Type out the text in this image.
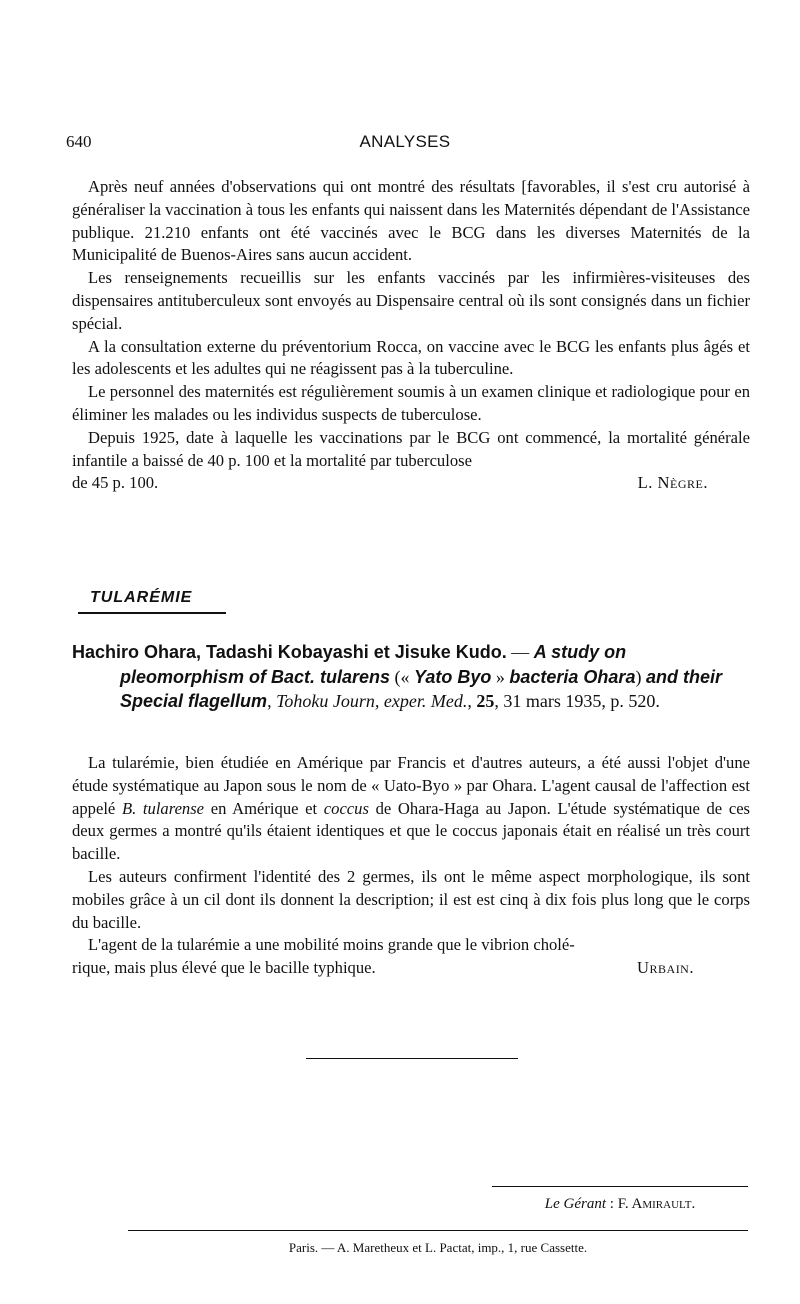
640	ANALYSES

Après neuf années d'observations qui ont montré des résultats [favorables, il s'est cru autorisé à généraliser la vaccination à tous les enfants qui naissent dans les Maternités dépendant de l'Assistance publique. 21.210 enfants ont été vaccinés avec le BCG dans les diverses Maternités de la Municipalité de Buenos-Aires sans aucun accident.

Les renseignements recueillis sur les enfants vaccinés par les infirmières-visiteuses des dispensaires antituberculeux sont envoyés au Dispensaire central où ils sont consignés dans un fichier spécial.

A la consultation externe du préventorium Rocca, on vaccine avec le BCG les enfants plus âgés et les adolescents et les adultes qui ne réagissent pas à la tuberculine.

Le personnel des maternités est régulièrement soumis à un examen clinique et radiologique pour en éliminer les malades ou les individus suspects de tuberculose.

Depuis 1925, date à laquelle les vaccinations par le BCG ont commencé, la mortalité générale infantile a baissé de 40 p. 100 et la mortalité par tuberculose

de 45 p. 100.	L. Nègre.
TULARÉMIE

Hachiro Ohara, Tadashi Kobayashi et Jisuke Kudo. — A study on pleomorphism of Bact. tularens (« Yato Byo » bacteria Ohara) and their Special flagellum, Tohoku Journ, exper. Med., 25, 31 mars 1935, p. 520.

La tularémie, bien étudiée en Amérique par Francis et d'autres auteurs, a été aussi l'objet d'une étude systématique au Japon sous le nom de « Uato-Byo » par Ohara. L'agent causal de l'affection est appelé B. tularense en Amérique et coccus de Ohara-Haga au Japon. L'étude systématique de ces deux germes a montré qu'ils étaient identiques et que le coccus japonais était en réalisé un très court bacille.

Les auteurs confirment l'identité des 2 germes, ils ont le même aspect morphologique, ils sont mobiles grâce à un cil dont ils donnent la description; il est est cinq à dix fois plus long que le corps du bacille.

L'agent de la tularémie a une mobilité moins grande que le vibrion cholé-

rique, mais plus élevé que le bacille typhique.	Urbain.
Le Gérant : F. Amirault.
Paris. — A. Maretheux et L. Pactat, imp., 1, rue Cassette.
